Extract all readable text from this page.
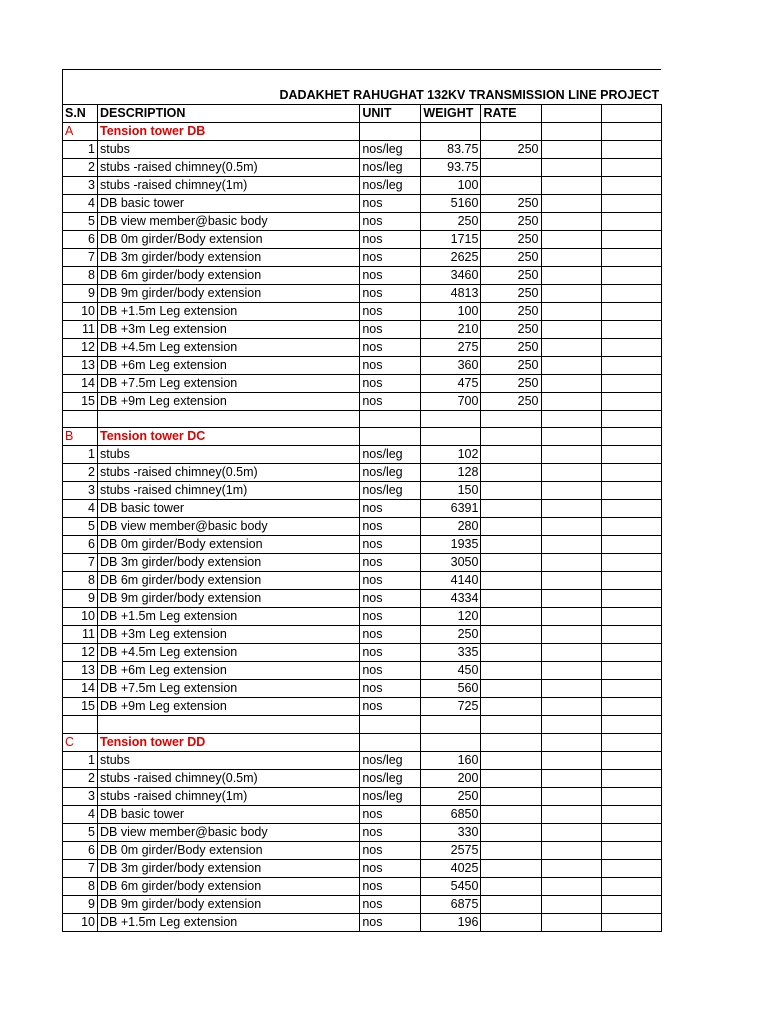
	DADAKHET RAHUGHAT 132KV TRANSMISSION LINE PROJECT					
S.N	DESCRIPTION	UNIT	WEIGHT	RATE		
A	Tension tower DB					
1	stubs	nos/leg	83.75	250		
2	stubs -raised chimney(0.5m)	nos/leg	93.75			
3	stubs -raised chimney(1m)	nos/leg	100			
4	DB basic tower	nos	5160	250		
5	DB view member@basic body	nos	250	250		
6	DB 0m girder/Body extension	nos	1715	250		
7	DB 3m girder/body extension	nos	2625	250		
8	DB 6m girder/body extension	nos	3460	250		
9	DB 9m girder/body extension	nos	4813	250		
10	DB +1.5m Leg extension	nos	100	250		
11	DB +3m Leg extension	nos	210	250		
12	DB +4.5m Leg extension	nos	275	250		
13	DB +6m Leg extension	nos	360	250		
14	DB +7.5m Leg extension	nos	475	250		
15	DB +9m Leg extension	nos	700	250		

B	Tension tower DC					
1	stubs	nos/leg	102			
2	stubs -raised chimney(0.5m)	nos/leg	128			
3	stubs -raised chimney(1m)	nos/leg	150			
4	DB basic tower	nos	6391			
5	DB view member@basic body	nos	280			
6	DB 0m girder/Body extension	nos	1935			
7	DB 3m girder/body extension	nos	3050			
8	DB 6m girder/body extension	nos	4140			
9	DB 9m girder/body extension	nos	4334			
10	DB +1.5m Leg extension	nos	120			
11	DB +3m Leg extension	nos	250			
12	DB +4.5m Leg extension	nos	335			
13	DB +6m Leg extension	nos	450			
14	DB +7.5m Leg extension	nos	560			
15	DB +9m Leg extension	nos	725			

C	Tension tower DD					
1	stubs	nos/leg	160			
2	stubs -raised chimney(0.5m)	nos/leg	200			
3	stubs -raised chimney(1m)	nos/leg	250			
4	DB basic tower	nos	6850			
5	DB view member@basic body	nos	330			
6	DB 0m girder/Body extension	nos	2575			
7	DB 3m girder/body extension	nos	4025			
8	DB 6m girder/body extension	nos	5450			
9	DB 9m girder/body extension	nos	6875			
10	DB +1.5m Leg extension	nos	196			
